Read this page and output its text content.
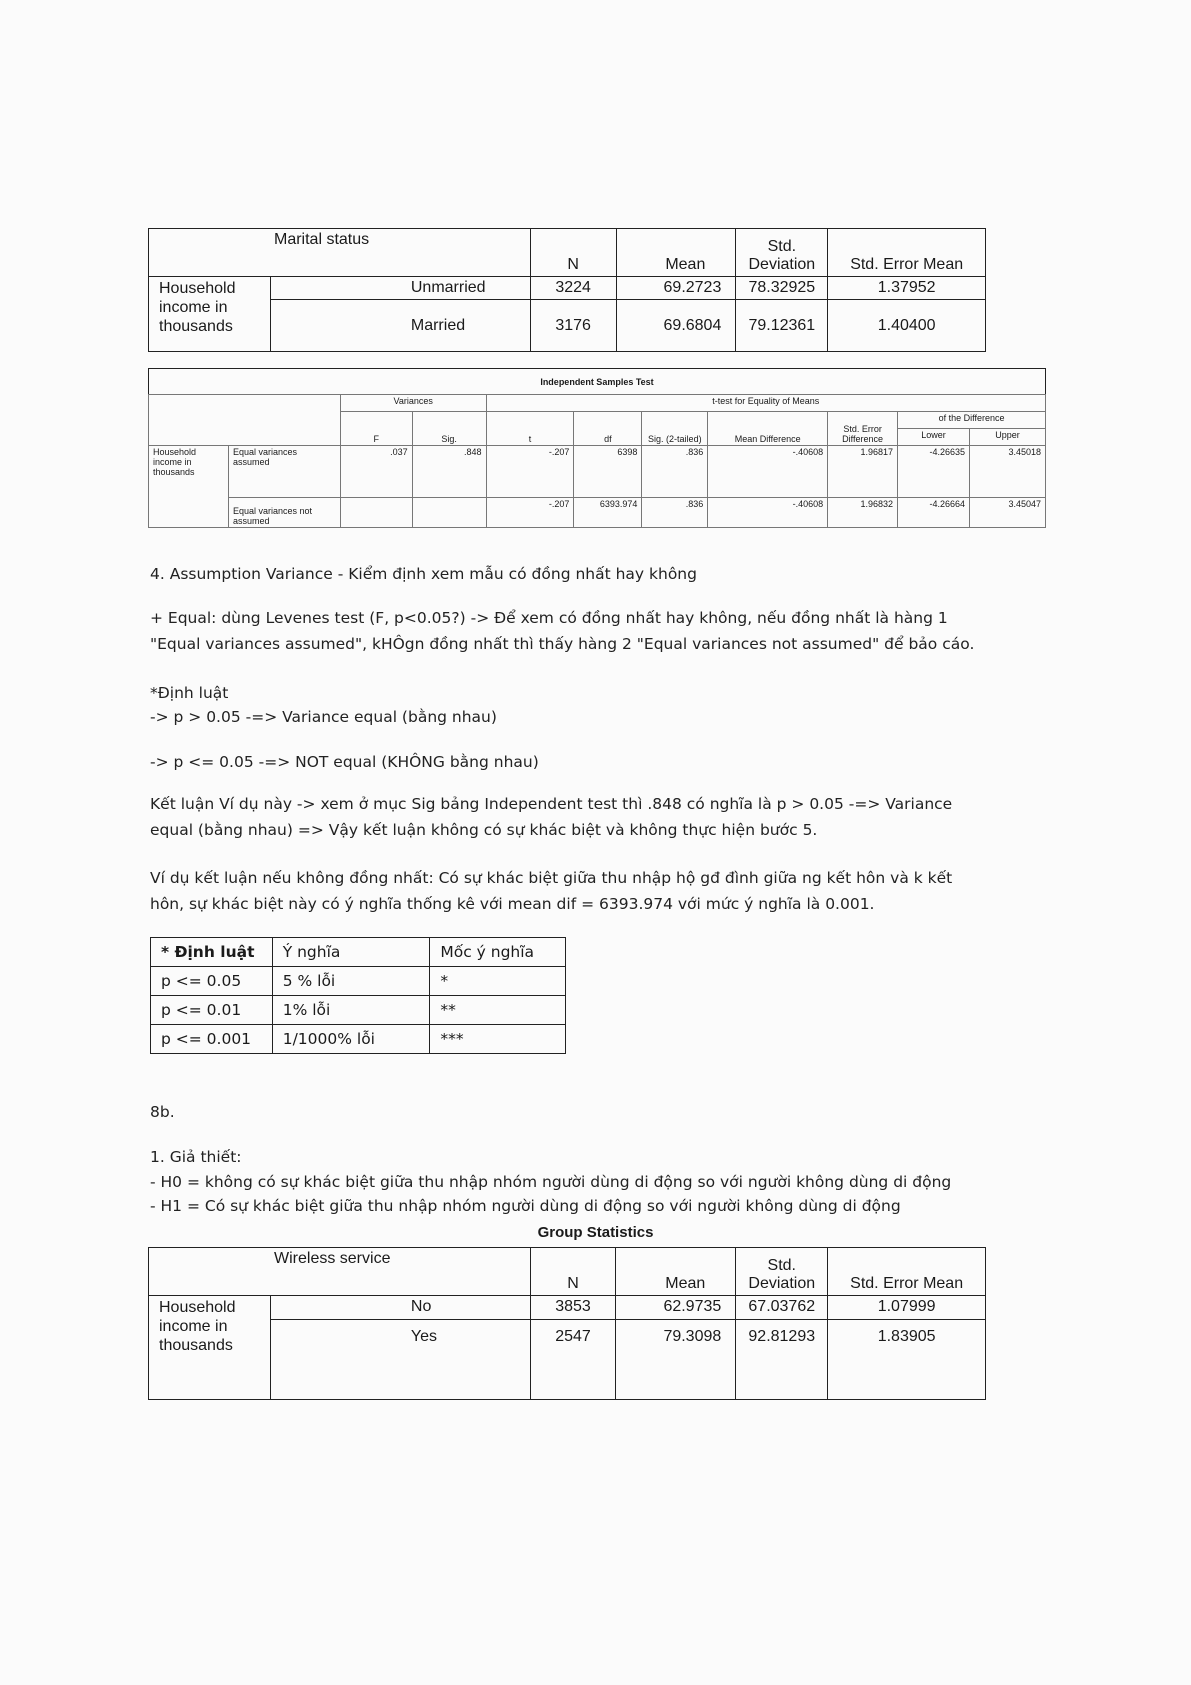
Marital status		N	Mean	Std. Deviation	Std. Error Mean
Household income in thousands	Unmarried	3224	69.2723	78.32925	1.37952
	Married	3176	69.6804	79.12361	1.40400
Independent Samples Test
		Variances		t-test for Equality of Means						
		F	Sig.	t	df	Sig. (2-tailed)	Mean Difference	Std. Error Difference	of the Difference	
									Lower	Upper
Household income in thousands	Equal variances assumed	.037	.848	-.207	6398	.836	-.40608	1.96817	-4.26635	3.45018
	Equal variances not assumed			-.207	6393.974	.836	-.40608	1.96832	-4.26664	3.45047
4. Assumption Variance - Kiểm định xem mẫu có đồng nhất hay không
+ Equal: dùng Levenes test (F, p<0.05?) -> Để xem có đồng nhất hay không, nếu đồng nhất là hàng 1
"Equal variances assumed", kHÔgn đồng nhất thì thấy hàng 2 "Equal variances not assumed" để bảo cáo.
*Định luật
-> p > 0.05 -=> Variance equal (bằng nhau)
-> p <= 0.05 -=> NOT equal (KHÔNG bằng nhau)
Kết luận Ví dụ này -> xem ở mục Sig bảng Independent test thì .848 có nghĩa là p > 0.05 -=> Variance
equal (bằng nhau) => Vậy kết luận không có sự khác biệt và không thực hiện bước 5.
Ví dụ kết luận nếu không đồng nhất: Có sự khác biệt giữa thu nhập hộ gđ đình giữa ng kết hôn và k kết
hôn, sự khác biệt này có ý nghĩa thống kê với mean dif = 6393.974 với mức ý nghĩa là 0.001.
* Định luật	Ý nghĩa	Mốc ý nghĩa
p <= 0.05	5 % lỗi	*
p <= 0.01	1% lỗi	**
p <= 0.001	1/1000% lỗi	***
8b.
1. Giả thiết:
- H0 = không có sự khác biệt giữa thu nhập nhóm người dùng di động so với người không dùng di động
- H1 = Có sự khác biệt giữa thu nhập nhóm người dùng di động so với người không dùng di động
Group Statistics
Wireless service		N	Mean	Std. Deviation	Std. Error Mean
Household income in thousands	No	3853	62.9735	67.03762	1.07999
	Yes	2547	79.3098	92.81293	1.83905
